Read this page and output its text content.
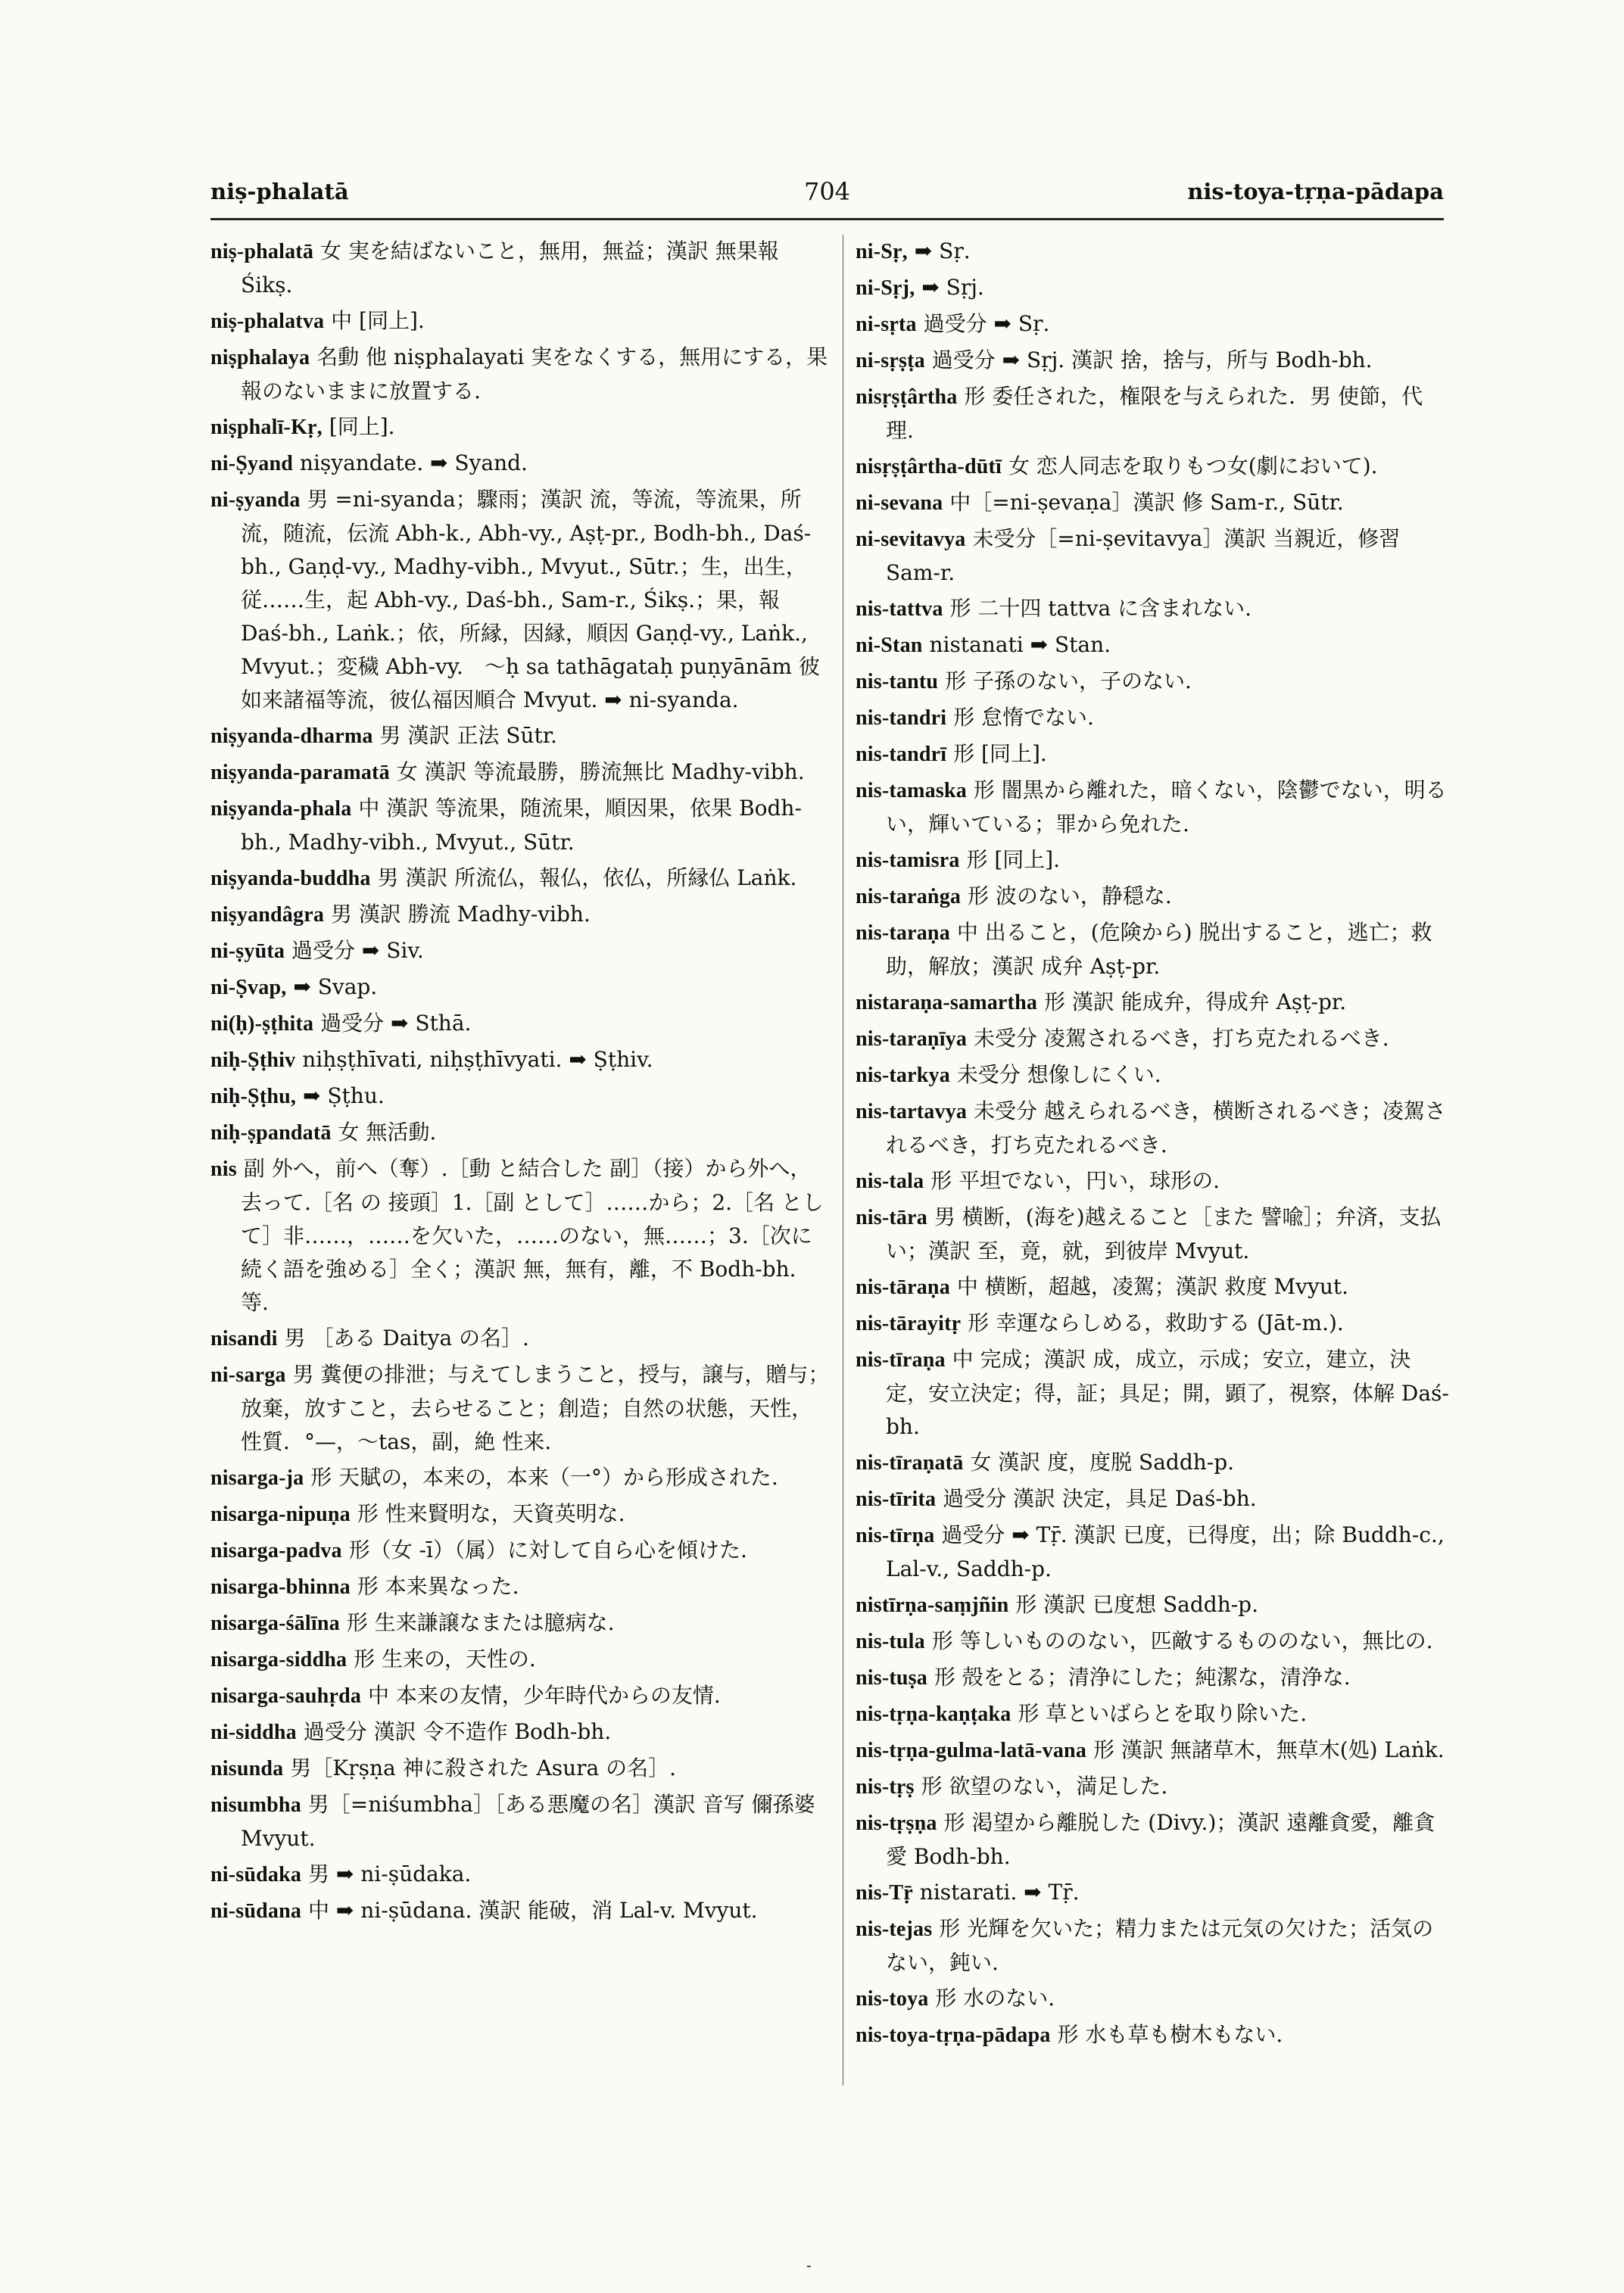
niṣ-phalatā	704	nis-toya-tṛṇa-pādapa
niṣ-phalatā 女 実を結ばないこと，無用，無益；漢訳 無果報 Śikṣ.
niṣ-phalatva 中 [同上].
niṣphalaya 名動 他 niṣphalayati 実をなくする，無用にする，果報のないままに放置する.
niṣphalī-Kṛ, [同上].
ni-Ṣyand niṣyandate. ➡ Syand.
ni-ṣyanda 男 =ni-syanda；驟雨；漢訳 流，等流，等流果，所流，随流，伝流 Abh-k., Abh-vy., Aṣṭ-pr., Bodh-bh., Daś-bh., Gaṇḍ-vy., Madhy-vibh., Mvyut., Sūtr.；生，出生，従……生，起 Abh-vy., Daś-bh., Sam-r., Śikṣ.；果，報 Daś-bh., Laṅk.；依，所縁，因縁，順因 Gaṇḍ-vy., Laṅk., Mvyut.；変穢 Abh-vy.　～ḥ sa tathāgataḥ puṇyānām 彼如来諸福等流，彼仏福因順合 Mvyut. ➡ ni-syanda.
niṣyanda-dharma 男 漢訳 正法 Sūtr.
niṣyanda-paramatā 女 漢訳 等流最勝，勝流無比 Madhy-vibh.
niṣyanda-phala 中 漢訳 等流果，随流果，順因果，依果 Bodh-bh., Madhy-vibh., Mvyut., Sūtr.
niṣyanda-buddha 男 漢訳 所流仏，報仏，依仏，所縁仏 Laṅk.
niṣyandâgra 男 漢訳 勝流 Madhy-vibh.
ni-ṣyūta 過受分 ➡ Siv.
ni-Ṣvap, ➡ Svap.
ni(ḥ)-ṣṭhita 過受分 ➡ Sthā.
niḥ-Ṣṭhiv niḥṣṭhīvati, niḥṣṭhīvyati. ➡ Ṣṭhiv.
niḥ-Ṣṭhu, ➡ Ṣṭhu.
niḥ-ṣpandatā 女 無活動.
nis 副 外へ，前へ（奪）.［動 と結合した 副］（接）から外へ，去って.［名 の 接頭］1.［副 として］……から；2.［名 として］非……，……を欠いた，……のない，無……；3.［次に続く語を強める］全く；漢訳 無，無有，離，不 Bodh-bh. 等.
nisandi 男 ［ある Daitya の名］.
ni-sarga 男 糞便の排泄；与えてしまうこと，授与，譲与，贈与；放棄，放すこと，去らせること；創造；自然の状態，天性，性質．°—，～tas，副，絶 性来.
nisarga-ja 形 天賦の，本来の，本来（一°）から形成された.
nisarga-nipuṇa 形 性来賢明な，天資英明な.
nisarga-padva 形（女 -ī）（属）に対して自ら心を傾けた.
nisarga-bhinna 形 本来異なった.
nisarga-śālīna 形 生来謙譲なまたは臆病な.
nisarga-siddha 形 生来の，天性の.
nisarga-sauhṛda 中 本来の友情，少年時代からの友情.
ni-siddha 過受分 漢訳 令不造作 Bodh-bh.
nisunda 男［Kṛṣṇa 神に殺された Asura の名］.
nisumbha 男［=niśumbha］［ある悪魔の名］漢訳 音写 儞孫婆 Mvyut.
ni-sūdaka 男 ➡ ni-ṣūdaka.
ni-sūdana 中 ➡ ni-ṣūdana. 漢訳 能破，消 Lal-v. Mvyut.
ni-Sṛ, ➡ Sṛ.
ni-Sṛj, ➡ Sṛj.
ni-sṛta 過受分 ➡ Sṛ.
ni-sṛṣṭa 過受分 ➡ Sṛj. 漢訳 捨，捨与，所与 Bodh-bh.
nisṛṣṭârtha 形 委任された，権限を与えられた．男 使節，代理.
nisṛṣṭârtha-dūtī 女 恋人同志を取りもつ女(劇において).
ni-sevana 中［=ni-ṣevaṇa］漢訳 修 Sam-r., Sūtr.
ni-sevitavya 未受分［=ni-ṣevitavya］漢訳 当親近，修習 Sam-r.
nis-tattva 形 二十四 tattva に含まれない.
ni-Stan nistanati ➡ Stan.
nis-tantu 形 子孫のない，子のない.
nis-tandri 形 怠惰でない.
nis-tandrī 形 [同上].
nis-tamaska 形 闇黒から離れた，暗くない，陰鬱でない，明るい，輝いている；罪から免れた.
nis-tamisra 形 [同上].
nis-taraṅga 形 波のない，静穏な.
nis-taraṇa 中 出ること，(危険から) 脱出すること，逃亡；救助，解放；漢訳 成弁 Aṣṭ-pr.
nistaraṇa-samartha 形 漢訳 能成弁，得成弁 Aṣṭ-pr.
nis-taraṇīya 未受分 凌駕されるべき，打ち克たれるべき.
nis-tarkya 未受分 想像しにくい.
nis-tartavya 未受分 越えられるべき，横断されるべき；凌駕されるべき，打ち克たれるべき.
nis-tala 形 平坦でない，円い，球形の.
nis-tāra 男 横断，(海を)越えること［また 譬喩］；弁済，支払い；漢訳 至，竟，就，到彼岸 Mvyut.
nis-tāraṇa 中 横断，超越，凌駕；漢訳 救度 Mvyut.
nis-tārayitṛ 形 幸運ならしめる，救助する (Jāt-m.).
nis-tīraṇa 中 完成；漢訳 成，成立，示成；安立，建立，決定，安立決定；得，証；具足；開，顕了，視察，体解 Daś-bh.
nis-tīraṇatā 女 漢訳 度，度脱 Saddh-p.
nis-tīrita 過受分 漢訳 決定，具足 Daś-bh.
nis-tīrṇa 過受分 ➡ Tṝ. 漢訳 已度，已得度，出；除 Buddh-c., Lal-v., Saddh-p.
nistīrṇa-saṃjñin 形 漢訳 已度想 Saddh-p.
nis-tula 形 等しいもののない，匹敵するもののない，無比の.
nis-tuṣa 形 殻をとる；清浄にした；純潔な，清浄な.
nis-tṛṇa-kaṇṭaka 形 草といばらとを取り除いた.
nis-tṛṇa-gulma-latā-vana 形 漢訳 無諸草木，無草木(処) Laṅk.
nis-tṛṣ 形 欲望のない，満足した.
nis-tṛṣṇa 形 渇望から離脱した (Divy.)；漢訳 遠離貪愛，離貪愛 Bodh-bh.
nis-Tṝ nistarati. ➡ Tṝ.
nis-tejas 形 光輝を欠いた；精力または元気の欠けた；活気のない，鈍い.
nis-toya 形 水のない.
nis-toya-tṛṇa-pādapa 形 水も草も樹木もない.
-
